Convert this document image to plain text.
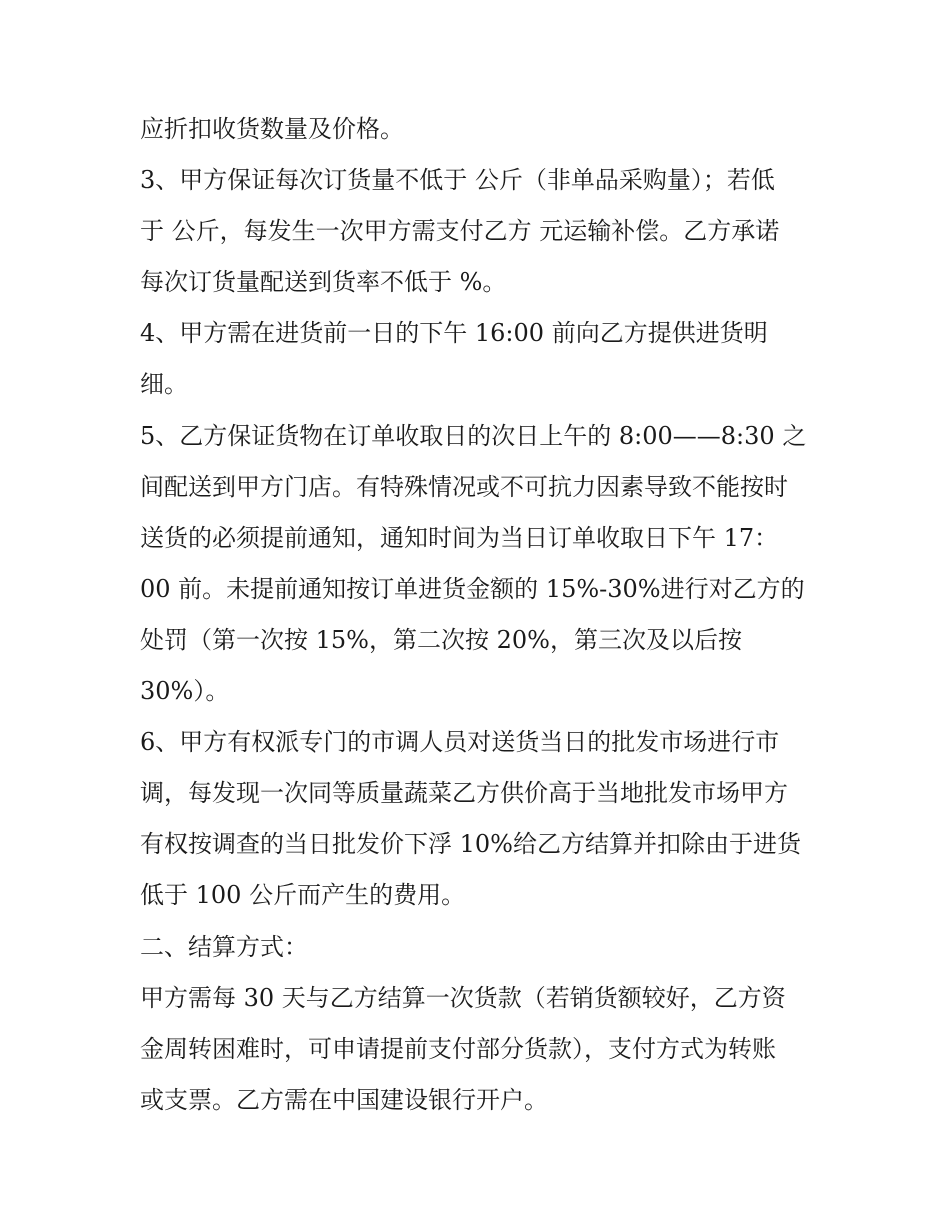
应折扣收货数量及价格。
3、甲方保证每次订货量不低于 公斤（非单品采购量）；若低
于 公斤，每发生一次甲方需支付乙方 元运输补偿。乙方承诺
每次订货量配送到货率不低于 %。
4、甲方需在进货前一日的下午 16:00 前向乙方提供进货明
细。
5、乙方保证货物在订单收取日的次日上午的 8:00——8:30 之
间配送到甲方门店。有特殊情况或不可抗力因素导致不能按时
送货的必须提前通知，通知时间为当日订单收取日下午 17：
00 前。未提前通知按订单进货金额的 15%-30%进行对乙方的
处罚（第一次按 15%，第二次按 20%，第三次及以后按
30%）。
6、甲方有权派专门的市调人员对送货当日的批发市场进行市
调，每发现一次同等质量蔬菜乙方供价高于当地批发市场甲方
有权按调查的当日批发价下浮 10%给乙方结算并扣除由于进货
低于 100 公斤而产生的费用。
二、结算方式：
甲方需每 30 天与乙方结算一次货款（若销货额较好，乙方资
金周转困难时，可申请提前支付部分货款），支付方式为转账
或支票。乙方需在中国建设银行开户。
